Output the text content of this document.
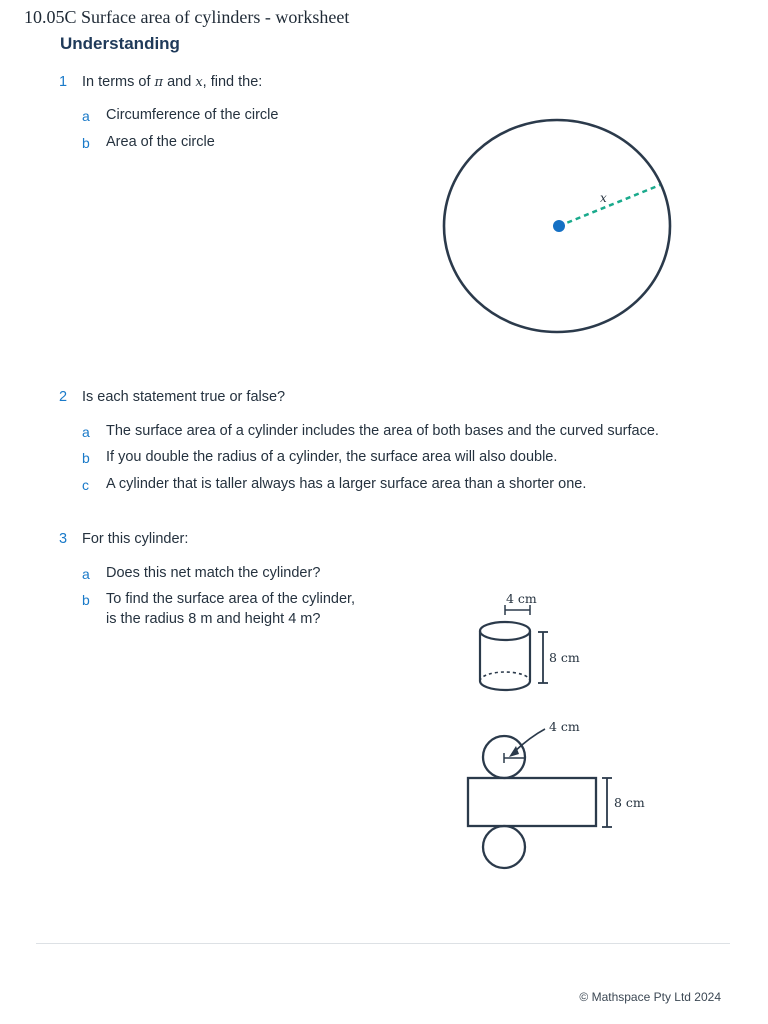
10.05C Surface area of cylinders - worksheet
Understanding
1	In terms of π and x, find the:
a Circumference of the circle
b Area of the circle
x
2	Is each statement true or false?
a The surface area of a cylinder includes the area of both bases and the curved surface.
b If you double the radius of a cylinder, the surface area will also double.
c A cylinder that is taller always has a larger surface area than a shorter one.
3	For this cylinder:
a Does this net match the cylinder?
b To find the surface area of the cylinder,
is the radius 8 m and height 4 m?
4 cm
8 cm
4 cm
8 cm
© Mathspace Pty Ltd 2024
